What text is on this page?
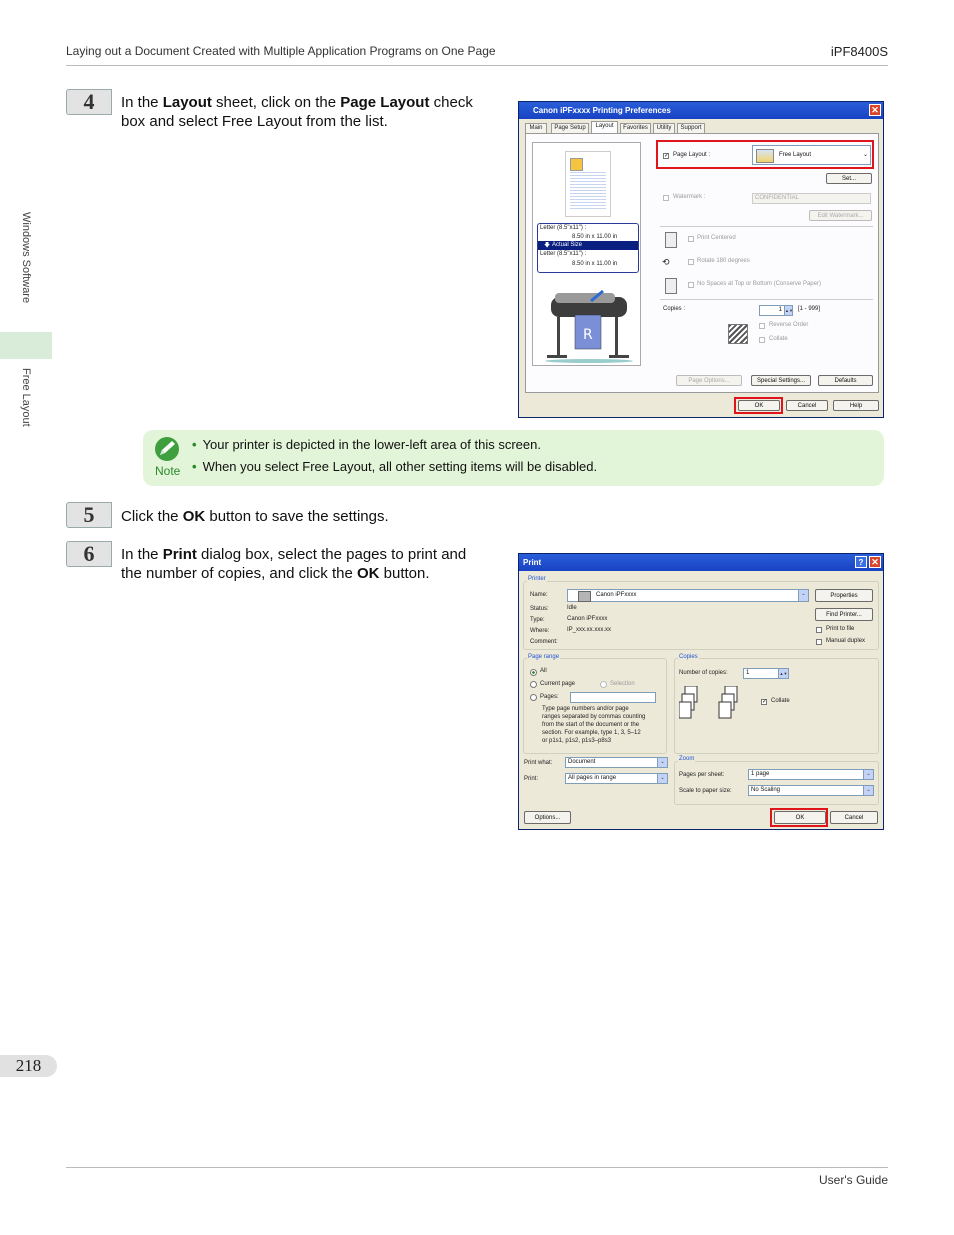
Laying out a Document Created with Multiple Application Programs on One Page	iPF8400S
Windows Software
Free Layout
218
4	In the Layout sheet, click on the Page Layout check
box and select Free Layout from the list.
Canon iPFxxxx Printing Preferences	✕
Main	Page Setup	Layout	Favorites	Utility	Support
Letter (8.5"x11") :
8.50 in x 11.00 in
Actual Size
🡇
Letter (8.5"x11") :
8.50 in x 11.00 in
R
✓ Page Layout :	Free Layout	⌄
Set...
Watermark :	CONFIDENTIAL
Edit Watermark...
Print Centered
⟲	Rotate 180 degrees
No Spaces at Top or Bottom (Conserve Paper)
Copies :	1 ▲▼ [1 - 999]
Reverse Order
Collate
Page Options...	Special Settings...	Defaults
OK	Cancel	Help
Note
• Your printer is depicted in the lower-left area of this screen.
• When you select Free Layout, all other setting items will be disabled.
5	Click the OK button to save the settings.
6	In the Print dialog box, select the pages to print and
the number of copies, and click the OK button.
Print	? ✕
Printer
Name:	Canon iPFxxxx	⌄	Properties
Find Printer...
Status:	Idle
Type:	Canon iPFxxxx
Where:	IP_xxx.xx.xxx.xx
Comment:
Print to file
Manual duplex
Page range
All
Current page	Selection
Pages:
Type page numbers and/or page
ranges separated by commas counting
from the start of the document or the
section. For example, type 1, 3, 5–12
or p1s1, p1s2, p1s3–p8s3
Copies
Number of copies:	1	▲▼
✓ Collate
Print what:	Document	⌄
Print:	All pages in range	⌄
Zoom
Pages per sheet:	1 page	⌄
Scale to paper size:	No Scaling	⌄
Options...	OK	Cancel
User's Guide
